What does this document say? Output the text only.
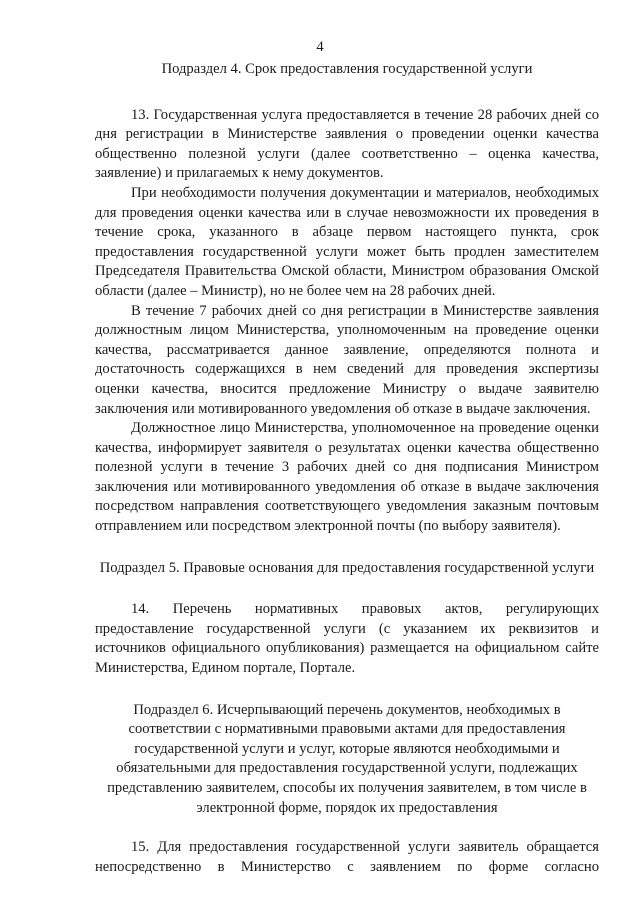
4
Подраздел 4. Срок предоставления государственной услуги
13. Государственная услуга предоставляется в течение 28 рабочих дней со дня регистрации в Министерстве заявления о проведении оценки качества общественно полезной услуги (далее соответственно – оценка качества, заявление) и прилагаемых к нему документов.
При необходимости получения документации и материалов, необходимых для проведения оценки качества или в случае невозможности их проведения в течение срока, указанного в абзаце первом настоящего пункта, срок предоставления государственной услуги может быть продлен заместителем Председателя Правительства Омской области, Министром образования Омской области (далее – Министр), но не более чем на 28 рабочих дней.
В течение 7 рабочих дней со дня регистрации в Министерстве заявления должностным лицом Министерства, уполномоченным на проведение оценки качества, рассматривается данное заявление, определяются полнота и достаточность содержащихся в нем сведений для проведения экспертизы оценки качества, вносится предложение Министру о выдаче заявителю заключения или мотивированного уведомления об отказе в выдаче заключения.
Должностное лицо Министерства, уполномоченное на проведение оценки качества, информирует заявителя о результатах оценки качества общественно полезной услуги в течение 3 рабочих дней со дня подписания Министром заключения или мотивированного уведомления об отказе в выдаче заключения посредством направления соответствующего уведомления заказным почтовым отправлением или посредством электронной почты (по выбору заявителя).
Подраздел 5. Правовые основания для предоставления государственной услуги
14. Перечень нормативных правовых актов, регулирующих предоставление государственной услуги (с указанием их реквизитов и источников официального опубликования) размещается на официальном сайте Министерства, Едином портале, Портале.
Подраздел 6. Исчерпывающий перечень документов, необходимых в соответствии с нормативными правовыми актами для предоставления государственной услуги и услуг, которые являются необходимыми и обязательными для предоставления государственной услуги, подлежащих представлению заявителем, способы их получения заявителем, в том числе в электронной форме, порядок их предоставления
15. Для предоставления государственной услуги заявитель обращается непосредственно в Министерство с заявлением по форме согласно
